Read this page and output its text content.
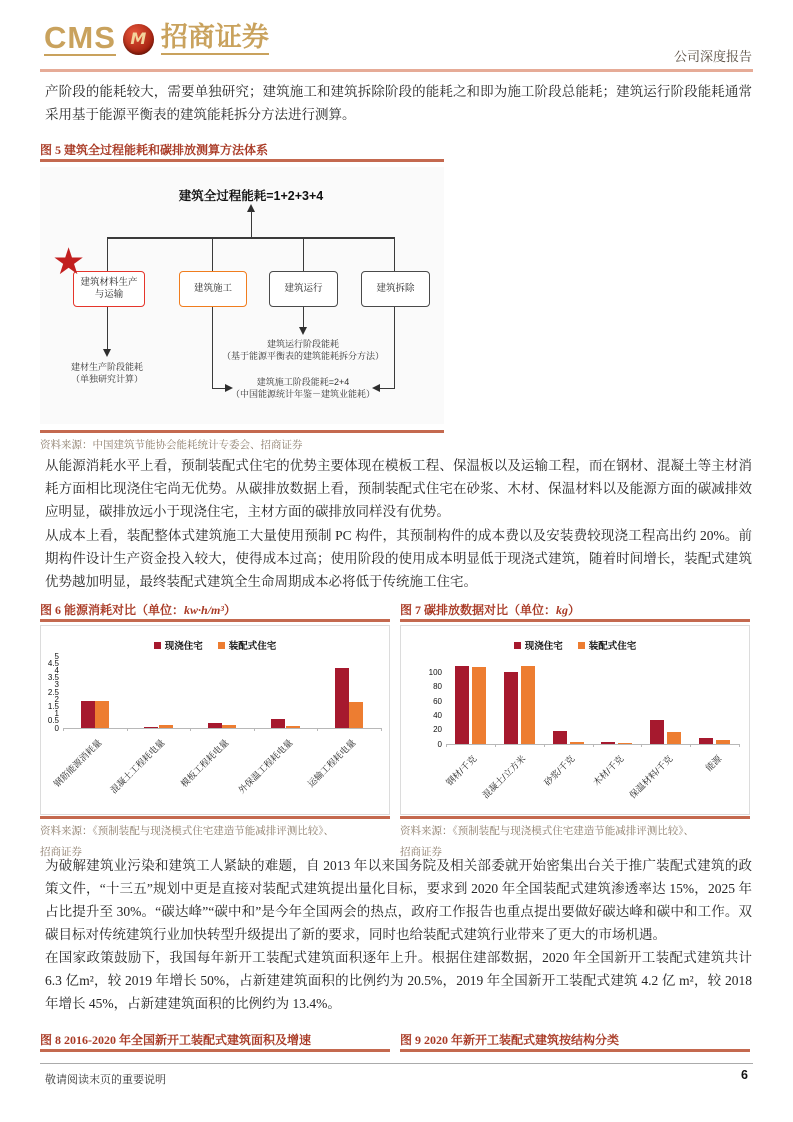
CMS M 招商证券
公司深度报告
产阶段的能耗较大，需要单独研究；建筑施工和建筑拆除阶段的能耗之和即为施工阶段总能耗；建筑运行阶段能耗通常采用基于能源平衡表的建筑能耗拆分方法进行测算。
图 5 建筑全过程能耗和碳排放测算方法体系
建筑全过程能耗=1+2+3+4
★
建筑材料生产
与运输
建筑施工	建筑运行	建筑拆除
建材生产阶段能耗
（单独研究计算）
建筑运行阶段能耗
（基于能源平衡表的建筑能耗拆分方法）
建筑施工阶段能耗=2+4
（中国能源统计年鉴－建筑业能耗）
资料来源：中国建筑节能协会能耗统计专委会、招商证券
从能源消耗水平上看，预制装配式住宅的优势主要体现在模板工程、保温板以及运输工程，而在钢材、混凝土等主材消耗方面相比现浇住宅尚无优势。从碳排放数据上看，预制装配式住宅在砂浆、木材、保温材料以及能源方面的碳减排效应明显，碳排放远小于现浇住宅，主材方面的碳排放同样没有优势。
从成本上看，装配整体式建筑施工大量使用预制 PC 构件，其预制构件的成本费以及安装费较现浇工程高出约 20%。前期构件设计生产资金投入较大，使得成本过高；使用阶段的使用成本明显低于现浇式建筑，随着时间增长，装配式建筑优势越加明显，最终装配式建筑全生命周期成本必将低于传统施工住宅。
图 6 能源消耗对比（单位：kw·h/m³）	图 7 碳排放数据对比（单位：kg）
现浇住宅	装配式住宅
0
0.5
1
1.5
2
2.5
3
3.5
4
4.5
5
钢筋能源消耗量 混凝土工程耗电量	模板工程耗电量 外保温工程耗电量	运输工程耗电量
现浇住宅	装配式住宅
0
20
40
60
80
100
钢材/千克 混凝土/立方米	砂浆/千克	木材/千克 保温材料/千克	能源
资料来源：《预制装配与现浇模式住宅建造节能减排评测比较》、
招商证券
资料来源：《预制装配与现浇模式住宅建造节能减排评测比较》、
招商证券
为破解建筑业污染和建筑工人紧缺的难题，自 2013 年以来国务院及相关部委就开始密集出台关于推广装配式建筑的政策文件，“十三五”规划中更是直接对装配式建筑提出量化目标，要求到 2020 年全国装配式建筑渗透率达 15%，2025 年占比提升至 30%。“碳达峰”“碳中和”是今年全国两会的热点，政府工作报告也重点提出要做好碳达峰和碳中和工作。双碳目标对传统建筑行业加快转型升级提出了新的要求，同时也给装配式建筑行业带来了更大的市场机遇。
在国家政策鼓励下，我国每年新开工装配式建筑面积逐年上升。根据住建部数据，2020 年全国新开工装配式建筑共计 6.3 亿m²，较 2019 年增长 50%，占新建建筑面积的比例约为 20.5%，2019 年全国新开工装配式建筑 4.2 亿 m²，较 2018 年增长 45%，占新建建筑面积的比例约为 13.4%。
图 8 2016-2020 年全国新开工装配式建筑面积及增速	图 9 2020 年新开工装配式建筑按结构分类
敬请阅读末页的重要说明	6
